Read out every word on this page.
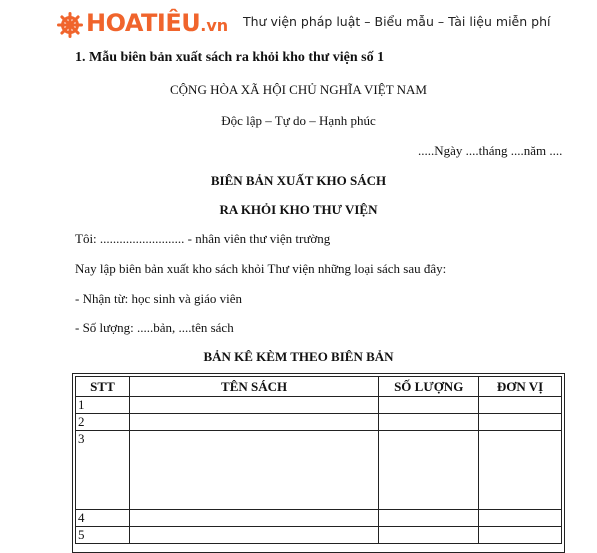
HOATIÊU.vn Thư viện pháp luật – Biểu mẫu – Tài liệu miễn phí
1. Mẫu biên bản xuất sách ra khỏi kho thư viện số 1
CỘNG HÒA XÃ HỘI CHỦ NGHĨA VIỆT NAM
Độc lập – Tự do – Hạnh phúc
.....Ngày ....tháng ....năm ....
BIÊN BẢN XUẤT KHO SÁCH
RA KHỎI KHO THƯ VIỆN
Tôi: .......................... - nhân viên thư viện trường
Nay lập biên bản xuất kho sách khỏi Thư viện những loại sách sau đây:
- Nhận từ: học sinh và giáo viên
- Số lượng: .....bản, ....tên sách
BẢN KÊ KÈM THEO BIÊN BẢN
STT	TÊN SÁCH	SỐ LƯỢNG	ĐƠN VỊ
1			
2			
3			
4			
5			
